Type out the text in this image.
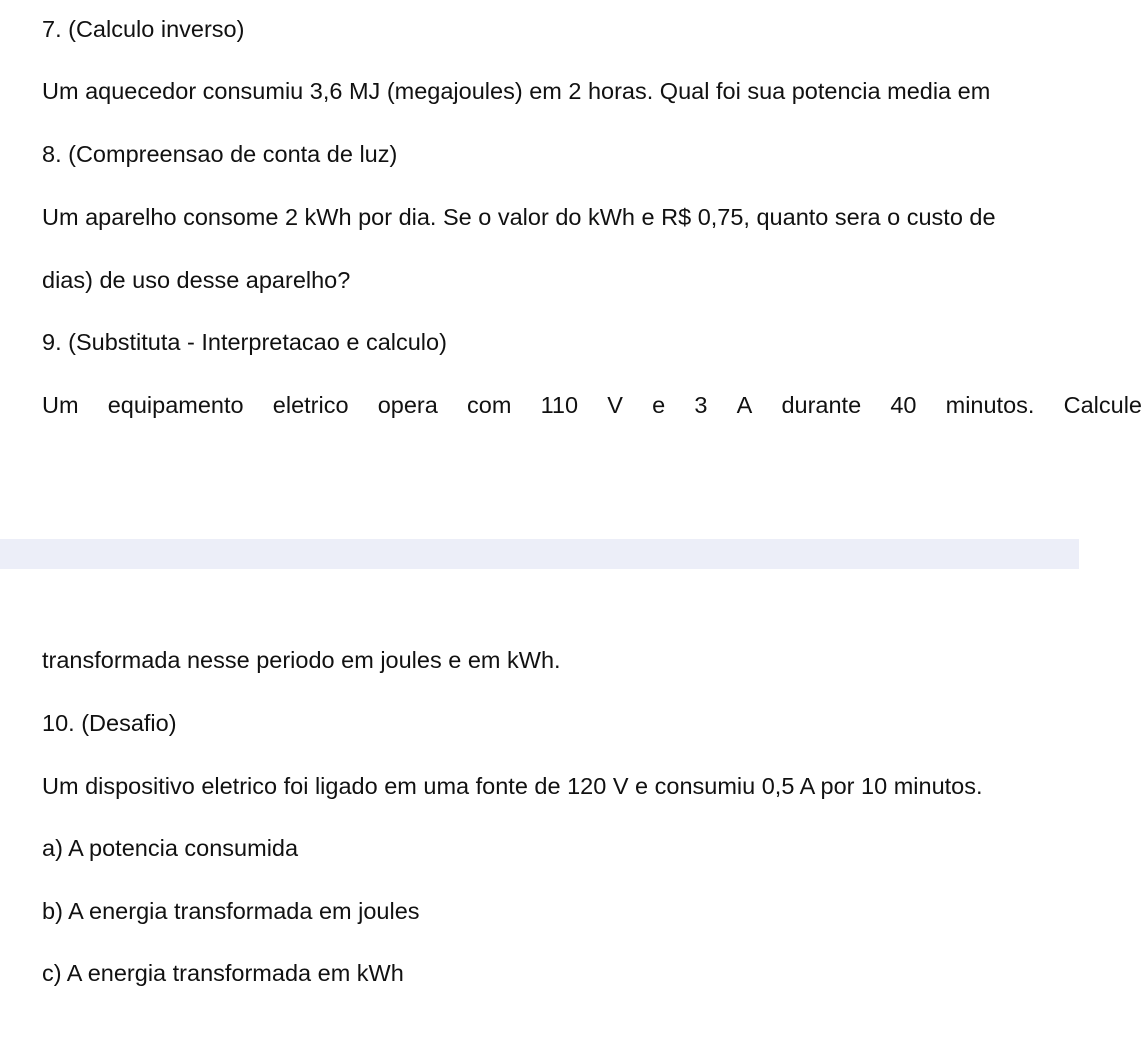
7. (Calculo inverso)
Um aquecedor consumiu 3,6 MJ (megajoules) em 2 horas. Qual foi sua potencia media em
8. (Compreensao de conta de luz)
Um aparelho consome 2 kWh por dia. Se o valor do kWh e R$ 0,75, quanto sera o custo de
dias) de uso desse aparelho?
9. (Substituta - Interpretacao e calculo)
Um equipamento eletrico opera com 110 V e 3 A durante 40 minutos. Calcule
transformada nesse periodo em joules e em kWh.
10. (Desafio)
Um dispositivo eletrico foi ligado em uma fonte de 120 V e consumiu 0,5 A por 10 minutos.
a) A potencia consumida
b) A energia transformada em joules
c) A energia transformada em kWh
